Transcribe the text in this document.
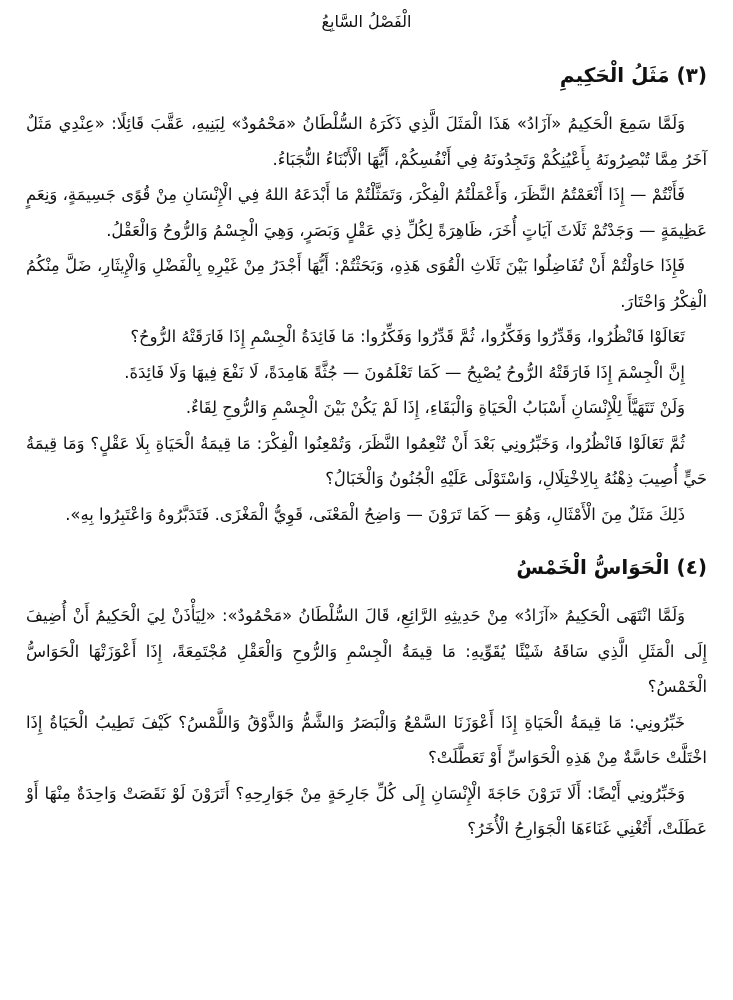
الْفَصْلُ السَّابِعُ
(٣) مَثَلُ الْحَكِيمِ

وَلَمَّا سَمِعَ الْحَكِيمُ «آزَادُ» هَذَا الْمَثَلَ الَّذِي ذَكَرَهُ السُّلْطَانُ «مَحْمُودٌ» لِبَنِيهِ، عَقَّبَ قَائِلًا: «عِنْدِي مَثَلٌ آخَرُ مِمَّا تُبْصِرُونَهُ بِأَعْيُنِكُمْ وَتَجِدُونَهُ فِي أَنْفُسِكُمْ، أَيُّهَا الْأَبْنَاءُ النُّجَبَاءُ.

فَأَنْتُمْ — إِذَا أَنْعَمْتُمُ النَّظَرَ، وَأَعْمَلْتُمُ الْفِكْرَ، وَتَمَثَّلْتُمْ مَا أَبْدَعَهُ اللهُ فِي الْإِنْسَانِ مِنْ قُوًى جَسِيمَةٍ، وَنِعَمٍ عَظِيمَةٍ — وَجَدْتُمْ ثَلَاثَ آيَاتٍ أُخَرَ، ظَاهِرَةً لِكُلِّ ذِي عَقْلٍ وَبَصَرٍ، وَهِيَ الْجِسْمُ وَالرُّوحُ وَالْعَقْلُ.

فَإِذَا حَاوَلْتُمْ أَنْ تُفَاضِلُوا بَيْنَ ثَلَاثِ الْقُوَى هَذِهِ، وَبَحَثْتُمْ: أَيُّهَا أَجْدَرُ مِنْ غَيْرِهِ بِالْفَضْلِ وَالْإِيثَارِ، ضَلَّ مِنْكُمُ الْفِكْرُ وَاحْتَارَ.

تَعَالَوْا فَانْظُرُوا، وَقَدِّرُوا وَفَكِّرُوا، ثُمَّ قَدِّرُوا وَفَكِّرُوا: مَا فَائِدَةُ الْجِسْمِ إِذَا فَارَقَتْهُ الرُّوحُ؟

إِنَّ الْجِسْمَ إِذَا فَارَقَتْهُ الرُّوحُ يُصْبِحُ — كَمَا تَعْلَمُونَ — جُثَّةً هَامِدَةً، لَا نَفْعَ فِيهَا وَلَا فَائِدَةَ.

وَلَنْ تَتَهَيَّأَ لِلْإِنْسَانِ أَسْبَابُ الْحَيَاةِ وَالْبَقَاءِ، إِذَا لَمْ يَكُنْ بَيْنَ الْجِسْمِ وَالرُّوحِ لِقَاءٌ.

ثُمَّ تَعَالَوْا فَانْظُرُوا، وَخَبِّرُونِي بَعْدَ أَنْ تُنْعِمُوا النَّظَرَ، وَتُمْعِنُوا الْفِكْرَ: مَا قِيمَةُ الْحَيَاةِ بِلَا عَقْلٍ؟ وَمَا قِيمَةُ حَيٍّ أُصِيبَ ذِهْنُهُ بِالِاخْتِلَالِ، وَاسْتَوْلَى عَلَيْهِ الْجُنُونُ وَالْخَبَالُ؟

ذَلِكَ مَثَلٌ مِنَ الْأَمْثَالِ، وَهُوَ — كَمَا تَرَوْنَ — وَاضِحُ الْمَعْنَى، قَوِيُّ الْمَغْزَى. فَتَدَبَّرُوهُ وَاعْتَبِرُوا بِهِ».

(٤) الْحَوَاسُّ الْخَمْسُ

وَلَمَّا انْتَهَى الْحَكِيمُ «آزَادُ» مِنْ حَدِيثِهِ الرَّائِعِ، قَالَ السُّلْطَانُ «مَحْمُودٌ»: «لِيَأْذَنْ لِيَ الْحَكِيمُ أَنْ أُضِيفَ إِلَى الْمَثَلِ الَّذِي سَاقَهُ شَيْئًا يُقَوِّيهِ: مَا قِيمَةُ الْجِسْمِ وَالرُّوحِ وَالْعَقْلِ مُجْتَمِعَةً، إِذَا أَعْوَزَتْهَا الْحَوَاسُّ الْخَمْسُ؟

خَبِّرُونِي: مَا قِيمَةُ الْحَيَاةِ إِذَا أَعْوَزَنَا السَّمْعُ وَالْبَصَرُ وَالشَّمُّ وَالذَّوْقُ وَاللَّمْسُ؟ كَيْفَ تَطِيبُ الْحَيَاةُ إِذَا اخْتَلَّتْ حَاسَّةٌ مِنْ هَذِهِ الْحَوَاسِّ أَوْ تَعَطَّلَتْ؟

وَخَبِّرُونِي أَيْضًا: أَلَا تَرَوْنَ حَاجَةَ الْإِنْسَانِ إِلَى كُلِّ جَارِحَةٍ مِنْ جَوَارِحِهِ؟ أَتَرَوْنَ لَوْ نَقَصَتْ وَاحِدَةٌ مِنْهَا أَوْ عَطَلَتْ، أَتُغْنِي غَنَاءَهَا الْجَوَارِحُ الْأُخَرُ؟
